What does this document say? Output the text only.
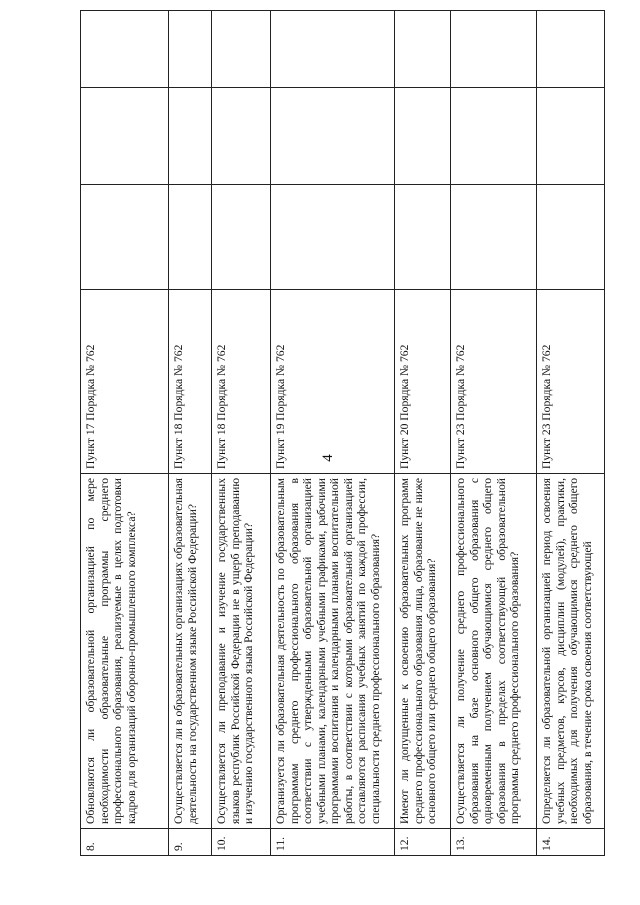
4
8.	Обновляются ли образовательной организацией по мере необходимости образовательные программы среднего профессионального образования, реализуемые в целях подготовки кадров для организаций оборонно-промышленного комплекса?	Пункт 17 Порядка № 762			
9.	Осуществляется ли в образовательных организациях образовательная деятельность на государственном языке Российской Федерации?	Пункт 18 Порядка № 762			
10.	Осуществляется ли преподавание и изучение государственных языков республик Российской Федерации не в ущерб преподаванию и изучению государственного языка Российской Федерации?	Пункт 18 Порядка № 762			
11.	Организуется ли образовательная деятельность по образовательным программам среднего профессионального образования в соответствии с утвержденными образовательной организацией учебными планами, календарными учебными графиками, рабочими программами воспитания и календарными планами воспитательной работы, в соответствии с которыми образовательной организацией составляются расписания учебных занятий по каждой профессии, специальности среднего профессионального образования?	Пункт 19 Порядка № 762			
12.	Имеют ли допущенные к освоению образовательных программ среднего профессионального образования лица, образование не ниже основного общего или среднего общего образования?	Пункт 20 Порядка № 762			
13.	Осуществляется ли получение среднего профессионального образования на базе основного общего образования с одновременным получением обучающимися среднего общего образования в пределах соответствующей образовательной программы среднего профессионального образования?	Пункт 23 Порядка № 762			
14.	Определяется ли образовательной организацией период освоения учебных предметов, курсов, дисциплин (модулей), практики, необходимых для получения обучающимися среднего общего образования, в течение срока освоения соответствующей	Пункт 23 Порядка № 762			
